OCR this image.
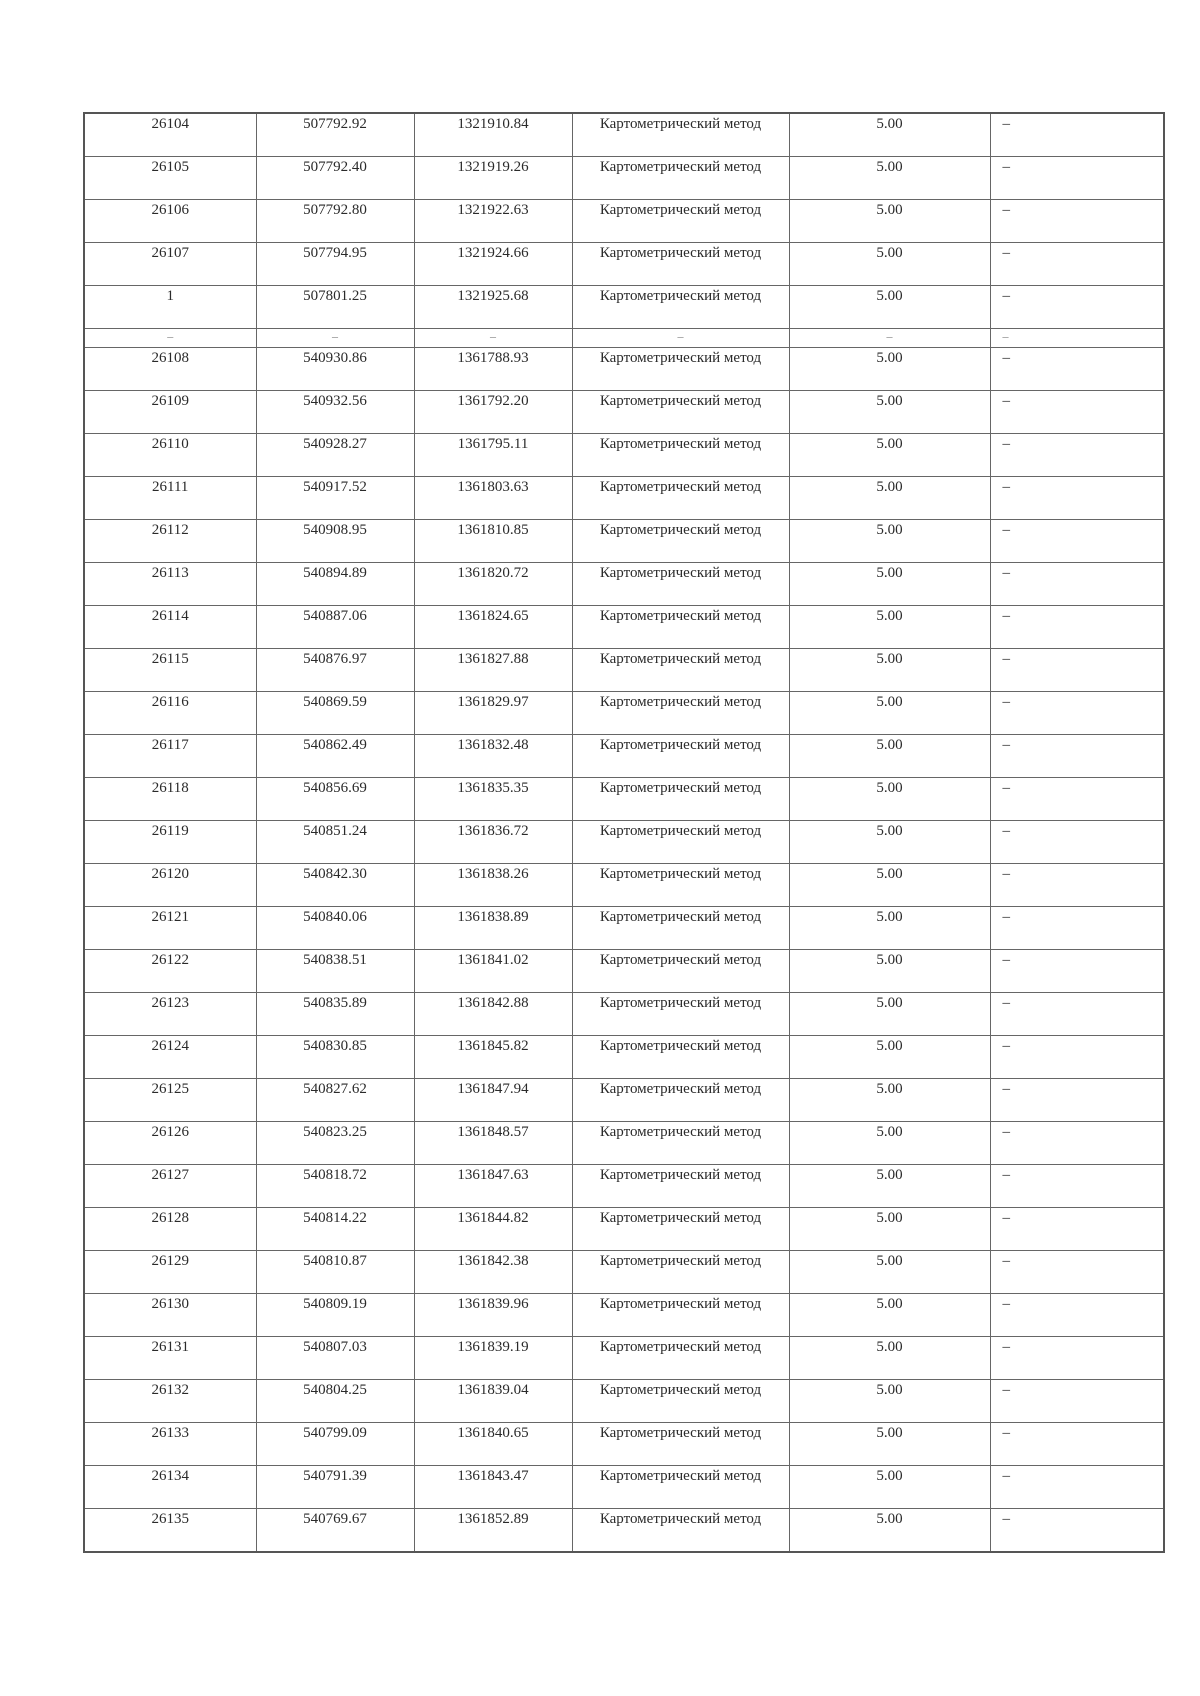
26104	507792.92	1321910.84	Картометрический метод	5.00	–
26105	507792.40	1321919.26	Картометрический метод	5.00	–
26106	507792.80	1321922.63	Картометрический метод	5.00	–
26107	507794.95	1321924.66	Картометрический метод	5.00	–
1	507801.25	1321925.68	Картометрический метод	5.00	–
–	–	–	–	–	–
26108	540930.86	1361788.93	Картометрический метод	5.00	–
26109	540932.56	1361792.20	Картометрический метод	5.00	–
26110	540928.27	1361795.11	Картометрический метод	5.00	–
26111	540917.52	1361803.63	Картометрический метод	5.00	–
26112	540908.95	1361810.85	Картометрический метод	5.00	–
26113	540894.89	1361820.72	Картометрический метод	5.00	–
26114	540887.06	1361824.65	Картометрический метод	5.00	–
26115	540876.97	1361827.88	Картометрический метод	5.00	–
26116	540869.59	1361829.97	Картометрический метод	5.00	–
26117	540862.49	1361832.48	Картометрический метод	5.00	–
26118	540856.69	1361835.35	Картометрический метод	5.00	–
26119	540851.24	1361836.72	Картометрический метод	5.00	–
26120	540842.30	1361838.26	Картометрический метод	5.00	–
26121	540840.06	1361838.89	Картометрический метод	5.00	–
26122	540838.51	1361841.02	Картометрический метод	5.00	–
26123	540835.89	1361842.88	Картометрический метод	5.00	–
26124	540830.85	1361845.82	Картометрический метод	5.00	–
26125	540827.62	1361847.94	Картометрический метод	5.00	–
26126	540823.25	1361848.57	Картометрический метод	5.00	–
26127	540818.72	1361847.63	Картометрический метод	5.00	–
26128	540814.22	1361844.82	Картометрический метод	5.00	–
26129	540810.87	1361842.38	Картометрический метод	5.00	–
26130	540809.19	1361839.96	Картометрический метод	5.00	–
26131	540807.03	1361839.19	Картометрический метод	5.00	–
26132	540804.25	1361839.04	Картометрический метод	5.00	–
26133	540799.09	1361840.65	Картометрический метод	5.00	–
26134	540791.39	1361843.47	Картометрический метод	5.00	–
26135	540769.67	1361852.89	Картометрический метод	5.00	–
